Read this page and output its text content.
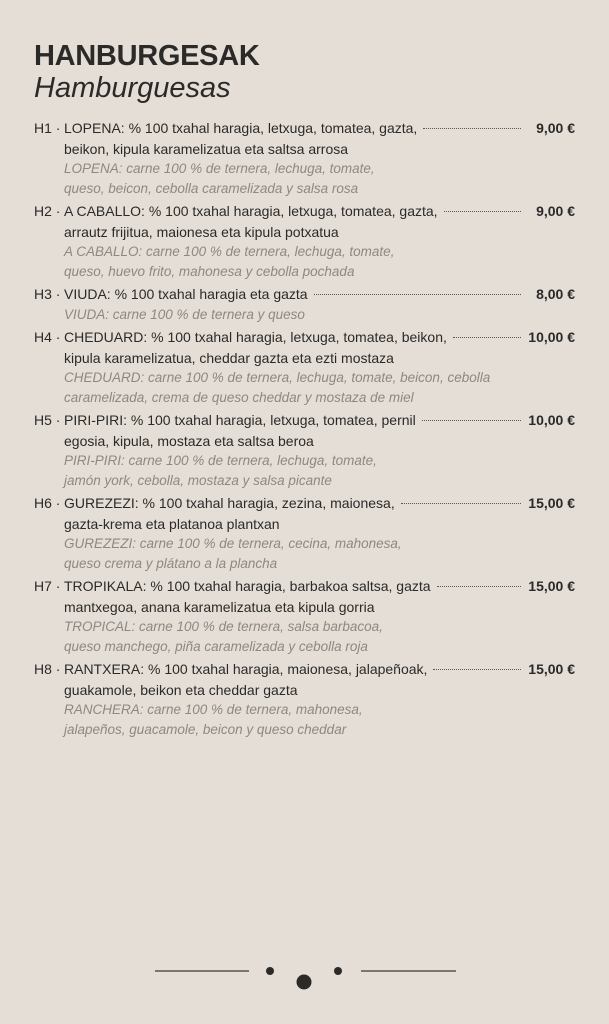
HANBURGESAK
Hamburguesas
H1 · LOPENA: % 100 txahal haragia, letxuga, tomatea, gazta,	9,00 €
beikon, kipula karamelizatua eta saltsa arrosa
LOPENA: carne 100 % de ternera, lechuga, tomate,
queso, beicon, cebolla caramelizada y salsa rosa
H2 · A CABALLO: % 100 txahal haragia, letxuga, tomatea, gazta,	9,00 €
arrautz frijitua, maionesa eta kipula potxatua
A CABALLO: carne 100 % de ternera, lechuga, tomate,
queso, huevo frito, mahonesa y cebolla pochada
H3 · VIUDA: % 100 txahal haragia eta gazta	8,00 €
VIUDA: carne 100 % de ternera y queso
H4 · CHEDUARD: % 100 txahal haragia, letxuga, tomatea, beikon,	10,00 €
kipula karamelizatua, cheddar gazta eta ezti mostaza
CHEDUARD: carne 100 % de ternera, lechuga, tomate, beicon, cebolla
caramelizada, crema de queso cheddar y mostaza de miel
H5 · PIRI-PIRI: % 100 txahal haragia, letxuga, tomatea, pernil	10,00 €
egosia, kipula, mostaza eta saltsa beroa
PIRI-PIRI: carne 100 % de ternera, lechuga, tomate,
jamón york, cebolla, mostaza y salsa picante
H6 · GUREZEZI: % 100 txahal haragia, zezina, maionesa,	15,00 €
gazta-krema eta platanoa plantxan
GUREZEZI: carne 100 % de ternera, cecina, mahonesa,
queso crema y plátano a la plancha
H7 · TROPIKALA: % 100 txahal haragia, barbakoa saltsa, gazta	15,00 €
mantxegoa, anana karamelizatua eta kipula gorria
TROPICAL: carne 100 % de ternera, salsa barbacoa,
queso manchego, piña caramelizada y cebolla roja
H8 · RANTXERA: % 100 txahal haragia, maionesa, jalapeñoak,	15,00 €
guakamole, beikon eta cheddar gazta
RANCHERA: carne 100 % de ternera, mahonesa,
jalapeños, guacamole, beicon y queso cheddar
